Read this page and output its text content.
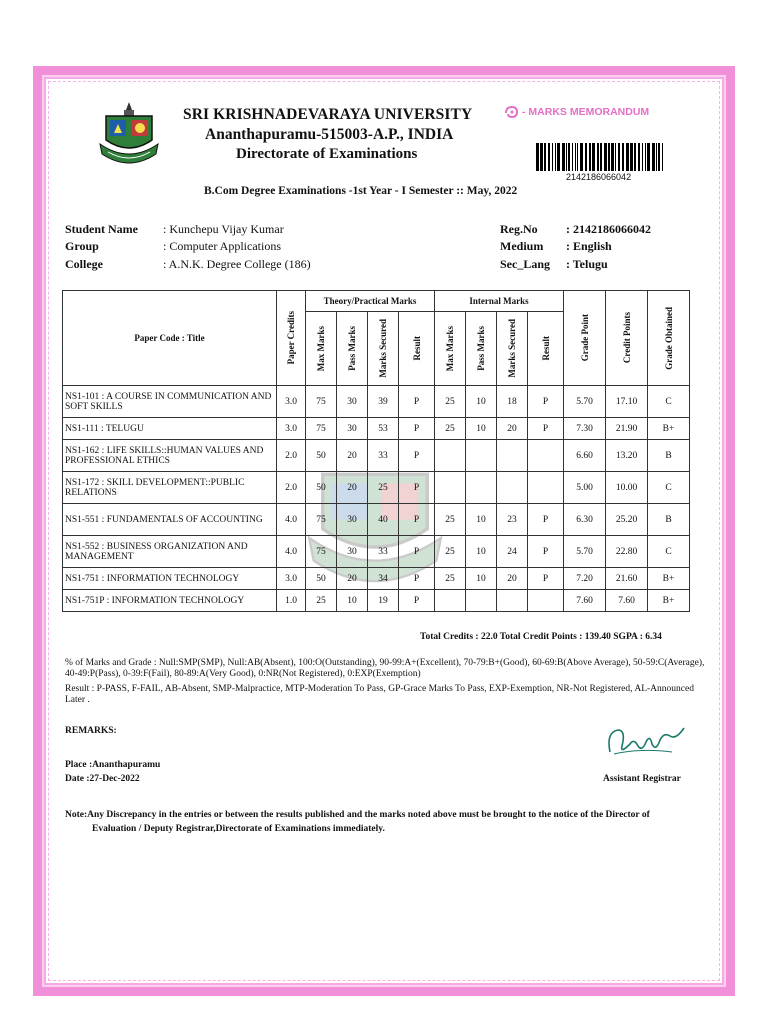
SRI KRISHNADEVARAYA UNIVERSITY
Ananthapuramu-515003-A.P., INDIA
Directorate of Examinations
- MARKS MEMORANDUM
2142186066042
B.Com Degree Examinations -1st Year - I Semester :: May, 2022
Student Name : Kunchepu Vijay Kumar
Group	: Computer Applications
College	: A.N.K. Degree College (186)
Reg.No : 2142186066042
Medium : English
Sec_Lang : Telugu
Paper Code : Title	Paper Credits	Theory/Practical Marks				Internal Marks				Grade Point	Credit Points	Grade Obtained

		Max Marks	Pass Marks	Marks Secured	Result	Max Marks	Pass Marks	Marks Secured	Result			

NS1-101 : A COURSE IN COMMUNICATION AND SOFT SKILLS	3.0	75	30	39	P	25	10	18	P	5.70	17.10	C
NS1-111 : TELUGU	3.0	75	30	53	P	25	10	20	P	7.30	21.90	B+
NS1-162 : LIFE SKILLS::HUMAN VALUES AND PROFESSIONAL ETHICS	2.0	50	20	33	P					6.60	13.20	B
NS1-172 : SKILL DEVELOPMENT::PUBLIC RELATIONS	2.0	50	20	25	P					5.00	10.00	C
NS1-551 : FUNDAMENTALS OF ACCOUNTING	4.0	75	30	40	P	25	10	23	P	6.30	25.20	B
NS1-552 : BUSINESS ORGANIZATION AND MANAGEMENT	4.0	75	30	33	P	25	10	24	P	5.70	22.80	C
NS1-751 : INFORMATION TECHNOLOGY	3.0	50	20	34	P	25	10	20	P	7.20	21.60	B+
NS1-751P : INFORMATION TECHNOLOGY	1.0	25	10	19	P					7.60	7.60	B+
Total Credits : 22.0 Total Credit Points : 139.40 SGPA : 6.34
% of Marks and Grade : Null:SMP(SMP), Null:AB(Absent), 100:O(Outstanding), 90-99:A+(Excellent), 70-79:B+(Good), 60-69:B(Above Average), 50-59:C(Average), 40-49:P(Pass), 0-39:F(Fail), 80-89:A(Very Good), 0:NR(Not Registered), 0:EXP(Exemption)
Result : P-PASS, F-FAIL, AB-Absent, SMP-Malpractice, MTP-Moderation To Pass, GP-Grace Marks To Pass, EXP-Exemption, NR-Not Registered, AL-Announced Later .
REMARKS:
Place :Ananthapuramu
Date :27-Dec-2022	Assistant Registrar
Note:Any Discrepancy in the entries or between the results published and the marks noted above must be brought to the notice of the Director of
Evaluation / Deputy Registrar,Directorate of Examinations immediately.
